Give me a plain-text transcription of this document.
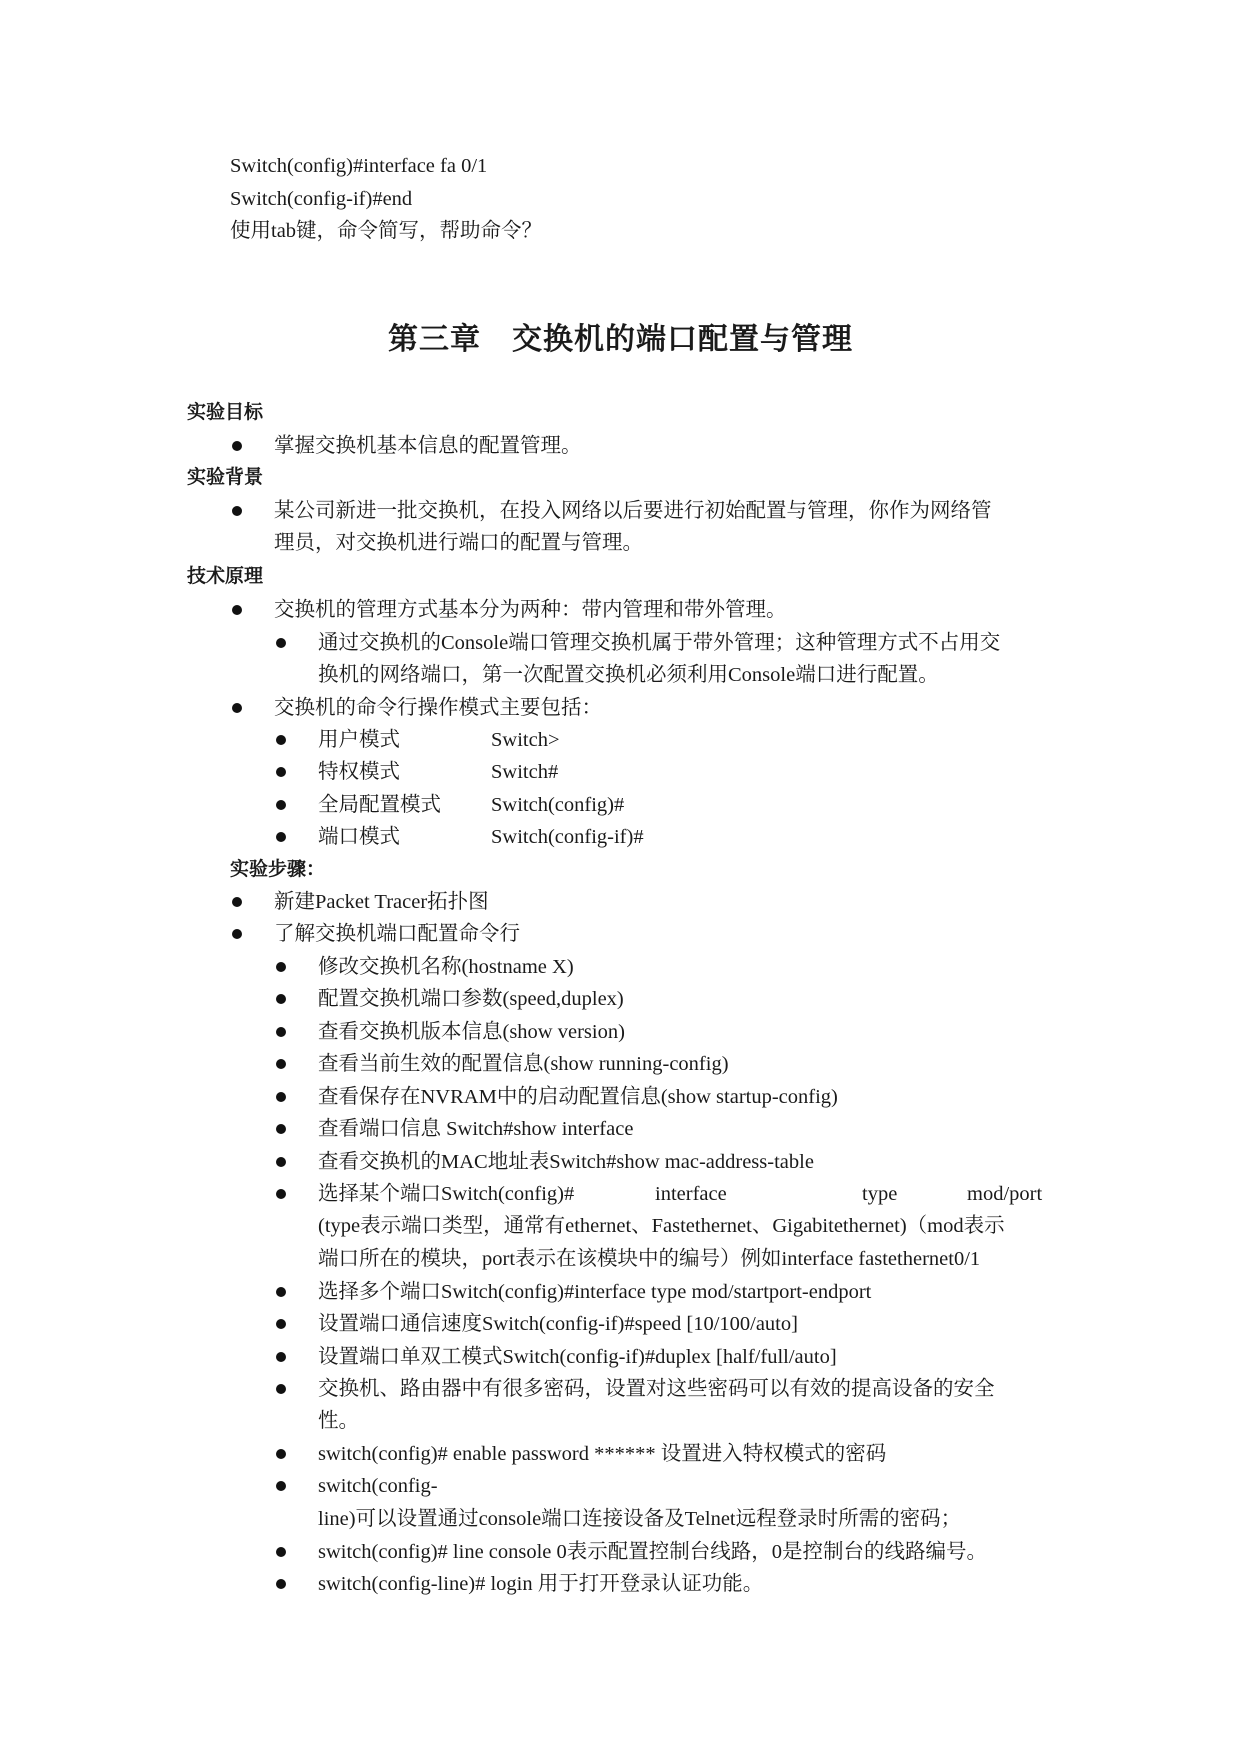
Switch(config)#interface fa 0/1
Switch(config-if)#end
使用tab键，命令简写，帮助命令？
第三章　交换机的端口配置与管理
实验目标
掌握交换机基本信息的配置管理。
实验背景
某公司新进一批交换机，在投入网络以后要进行初始配置与管理，你作为网络管
理员，对交换机进行端口的配置与管理。
技术原理
交换机的管理方式基本分为两种：带内管理和带外管理。
通过交换机的Console端口管理交换机属于带外管理；这种管理方式不占用交
换机的网络端口，第一次配置交换机必须利用Console端口进行配置。
交换机的命令行操作模式主要包括：
用户模式	Switch>
特权模式	Switch#
全局配置模式 Switch(config)#
端口模式	Switch(config-if)#
实验步骤：
新建Packet Tracer拓扑图
了解交换机端口配置命令行
修改交换机名称(hostname X)
配置交换机端口参数(speed,duplex)
查看交换机版本信息(show version)
查看当前生效的配置信息(show running-config)
查看保存在NVRAM中的启动配置信息(show startup-config)
查看端口信息 Switch#show interface
查看交换机的MAC地址表Switch#show mac-address-table
选择某个端口Switch(config)#	interface	type	mod/port
(type表示端口类型，通常有ethernet、Fastethernet、Gigabitethernet)（mod表示
端口所在的模块，port表示在该模块中的编号）例如interface fastethernet0/1
选择多个端口Switch(config)#interface type mod/startport-endport
设置端口通信速度Switch(config-if)#speed [10/100/auto]
设置端口单双工模式Switch(config-if)#duplex [half/full/auto]
交换机、路由器中有很多密码，设置对这些密码可以有效的提高设备的安全
性。
switch(config)# enable password ****** 设置进入特权模式的密码
switch(config-
line)可以设置通过console端口连接设备及Telnet远程登录时所需的密码；
switch(config)# line console 0表示配置控制台线路，0是控制台的线路编号。
switch(config-line)# login 用于打开登录认证功能。
